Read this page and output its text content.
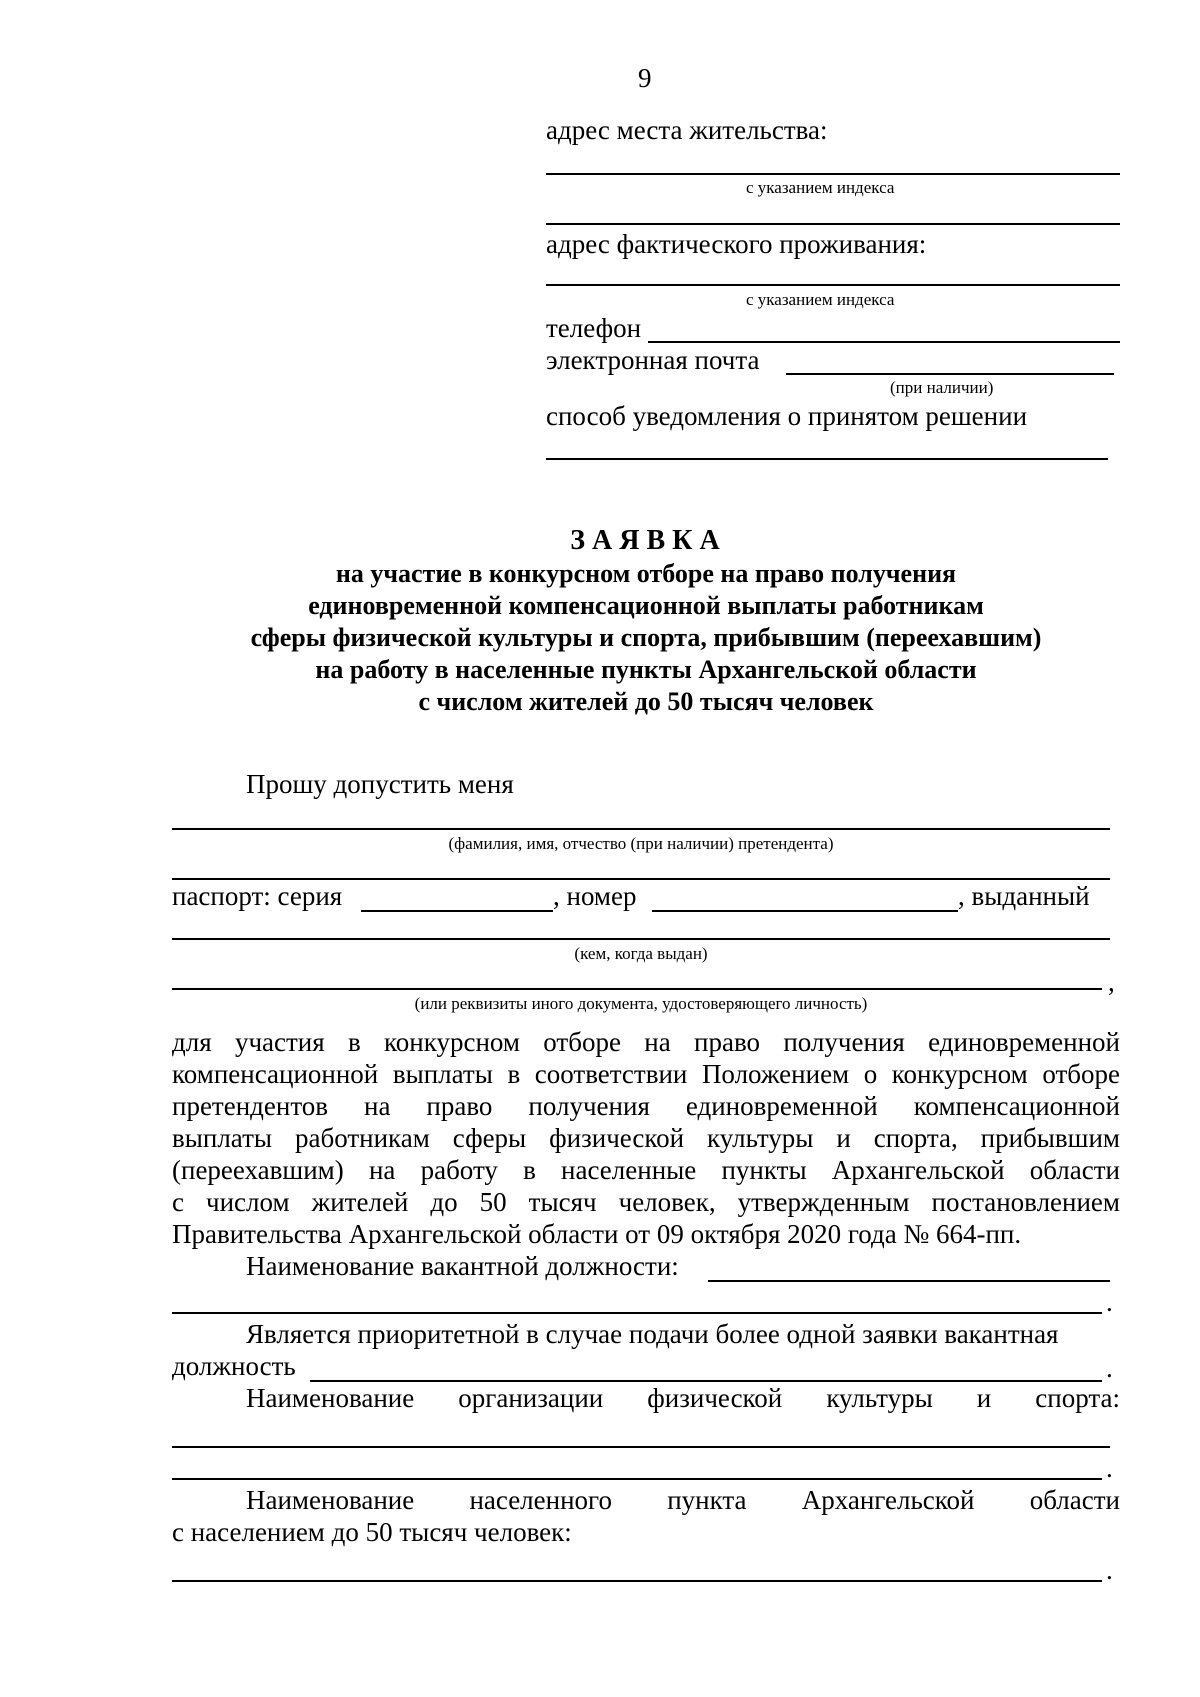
9
адрес места жительства:
с указанием индекса
адрес фактического проживания:
с указанием индекса
телефон
электронная почта
(при наличии)
способ уведомления о принятом решении
З А Я В К А
на участие в конкурсном отборе на право получения
единовременной компенсационной выплаты работникам
сферы физической культуры и спорта, прибывшим (переехавшим)
на работу в населенные пункты Архангельской области
с числом жителей до 50 тысяч человек
Прошу допустить меня
(фамилия, имя, отчество (при наличии) претендента)
паспорт: серия	, номер	, выданный
(кем, когда выдан)
,
(или реквизиты иного документа, удостоверяющего личность)
для участия в конкурсном отборе на право получения единовременной
компенсационной выплаты в соответствии Положением о конкурсном отборе
претендентов на право получения единовременной компенсационной
выплаты работникам сферы физической культуры и спорта, прибывшим
(переехавшим) на работу в населенные пункты Архангельской области
с числом жителей до 50 тысяч человек, утвержденным постановлением
Правительства Архангельской области от 09 октября 2020 года № 664-пп.
Наименование вакантной должности:
.
Является приоритетной в случае подачи более одной заявки вакантная
должность	.
Наименование организации физической культуры и спорта:
.
Наименование населенного пункта Архангельской области
с населением до 50 тысяч человек:
.
